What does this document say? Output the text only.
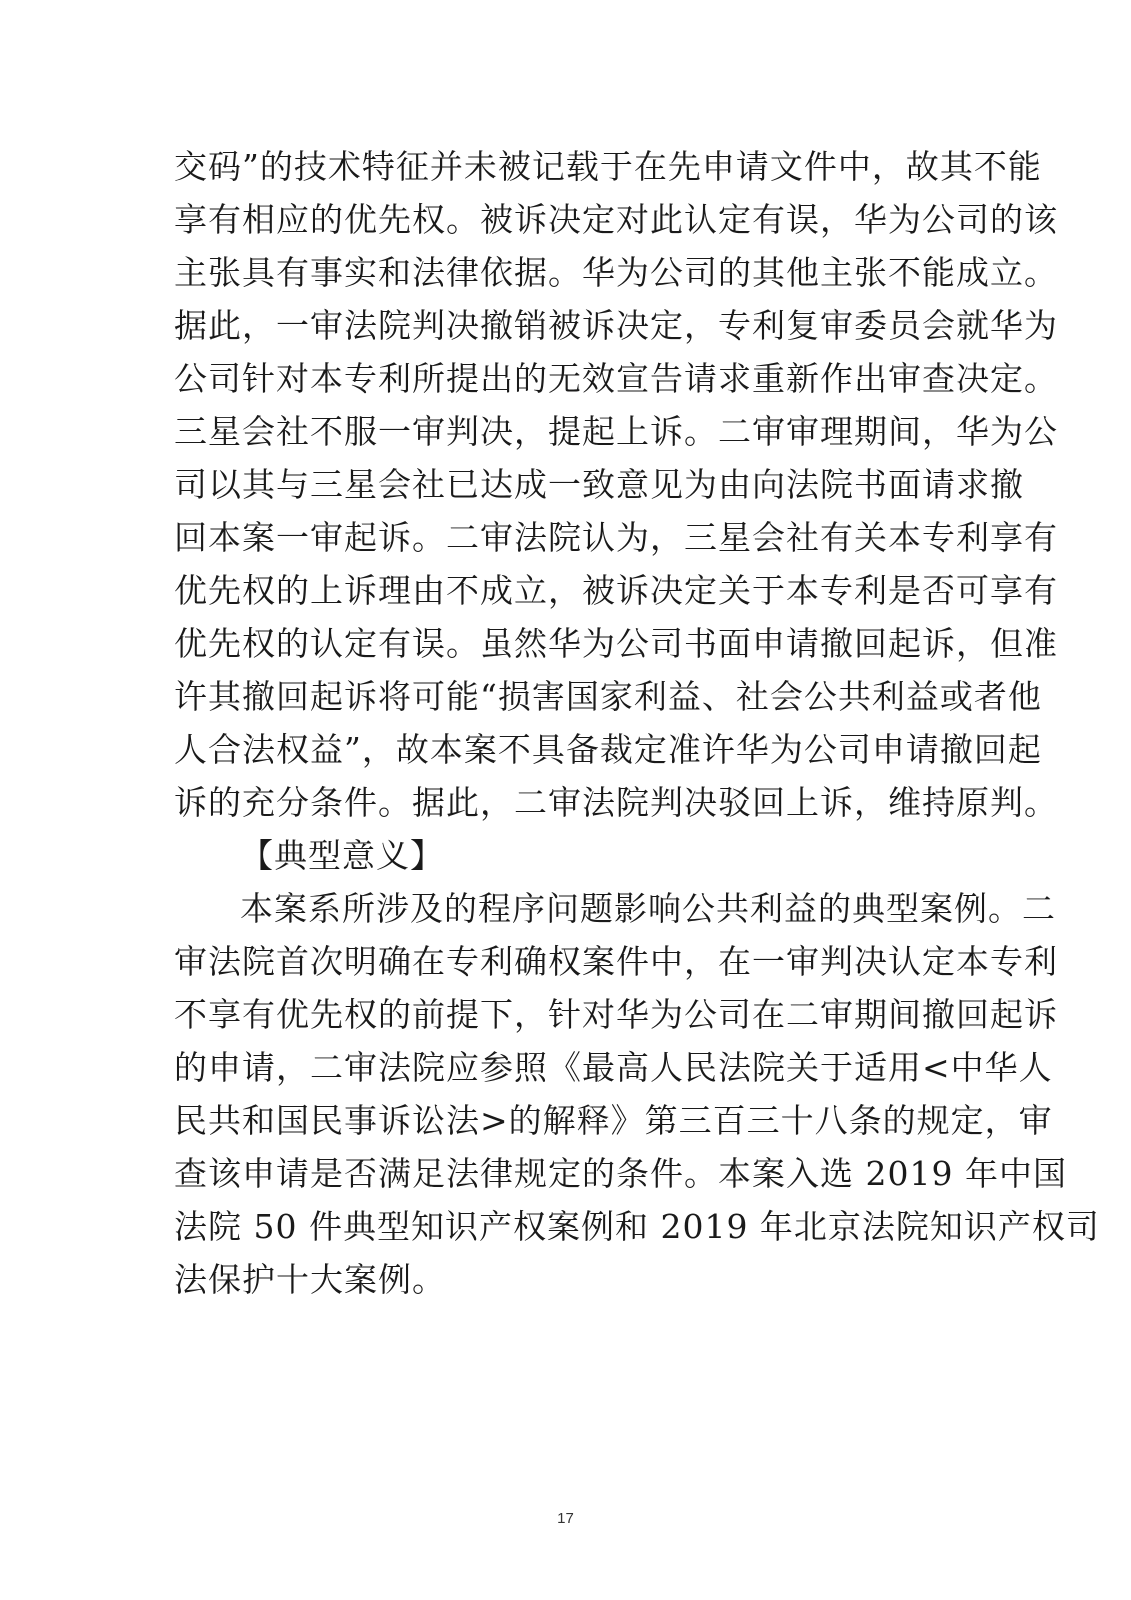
交码”的技术特征并未被记载于在先申请文件中，故其不能
享有相应的优先权。被诉决定对此认定有误，华为公司的该
主张具有事实和法律依据。华为公司的其他主张不能成立。
据此，一审法院判决撤销被诉决定，专利复审委员会就华为
公司针对本专利所提出的无效宣告请求重新作出审查决定。
三星会社不服一审判决，提起上诉。二审审理期间，华为公
司以其与三星会社已达成一致意见为由向法院书面请求撤
回本案一审起诉。二审法院认为，三星会社有关本专利享有
优先权的上诉理由不成立，被诉决定关于本专利是否可享有
优先权的认定有误。虽然华为公司书面申请撤回起诉，但准
许其撤回起诉将可能“损害国家利益、社会公共利益或者他
人合法权益”，故本案不具备裁定准许华为公司申请撤回起
诉的充分条件。据此，二审法院判决驳回上诉，维持原判。
【典型意义】
本案系所涉及的程序问题影响公共利益的典型案例。二
审法院首次明确在专利确权案件中，在一审判决认定本专利
不享有优先权的前提下，针对华为公司在二审期间撤回起诉
的申请，二审法院应参照《最高人民法院关于适用<中华人
民共和国民事诉讼法>的解释》第三百三十八条的规定，审
查该申请是否满足法律规定的条件。本案入选 2019 年中国
法院 50 件典型知识产权案例和 2019 年北京法院知识产权司
法保护十大案例。
17
